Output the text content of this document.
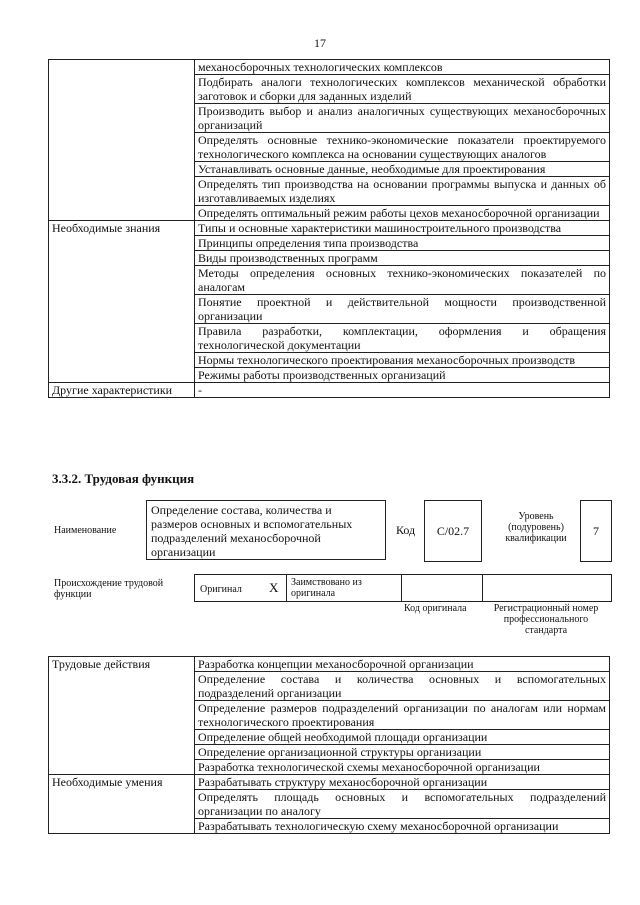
17
	механосборочных технологических комплексов
	Подбирать аналоги технологических комплексов механической обработки заготовок и сборки для заданных изделий
	Производить выбор и анализ аналогичных существующих механосборочных организаций
	Определять основные технико-экономические показатели проектируемого технологического комплекса на основании существующих аналогов
	Устанавливать основные данные, необходимые для проектирования
	Определять тип производства на основании программы выпуска и данных об изготавливаемых изделиях
	Определять оптимальный режим работы цехов механосборочной организации
Необходимые знания	Типы и основные характеристики машиностроительного производства
	Принципы определения типа производства
	Виды производственных программ
	Методы определения основных технико-экономических показателей по аналогам
	Понятие проектной и действительной мощности производственной организации
	Правила разработки, комплектации, оформления и обращения технологической документации
	Нормы технологического проектирования механосборочных производств
	Режимы работы производственных организаций
Другие характеристики	-
3.3.2. Трудовая функция
Наименование
Определение состава, количества и размеров основных и вспомогательных подразделений механосборочной организации
Код	C/02.7
Уровень (подуровень) квалификации
7
Происхождение трудовой функции	Оригинал X Заимствовано из оригинала
Код оригинала	Регистрационный номер профессионального стандарта
Трудовые действия	Разработка концепции механосборочной организации
	Определение состава и количества основных и вспомогательных подразделений организации
	Определение размеров подразделений организации по аналогам или нормам технологического проектирования
	Определение общей необходимой площади организации
	Определение организационной структуры организации
	Разработка технологической схемы механосборочной организации
Необходимые умения	Разрабатывать структуру механосборочной организации
	Определять площадь основных и вспомогательных подразделений организации по аналогу
	Разрабатывать технологическую схему механосборочной организации
